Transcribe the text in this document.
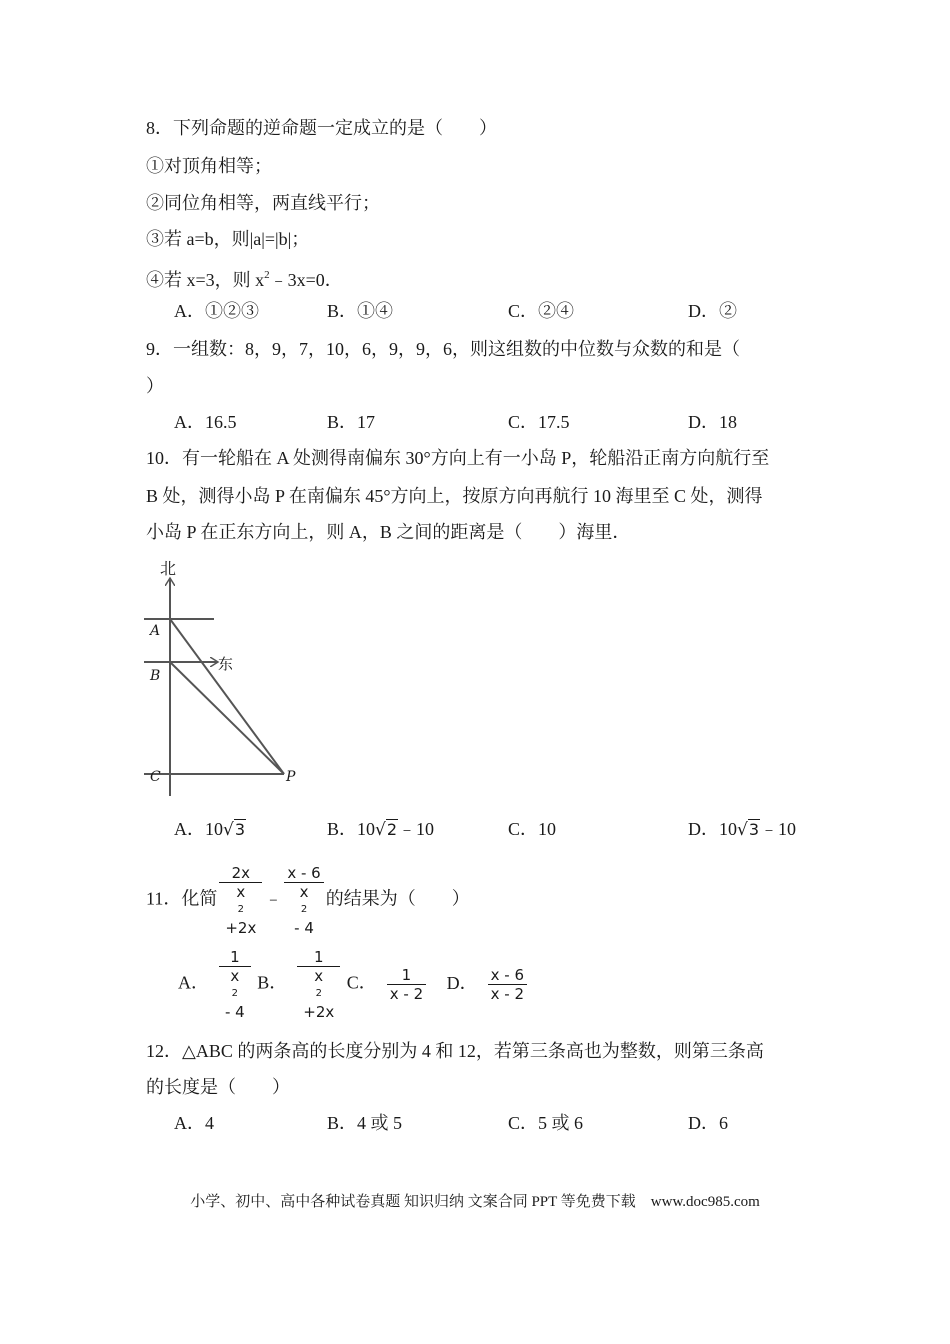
8．下列命题的逆命题一定成立的是（　　）
①对顶角相等；
②同位角相等，两直线平行；
③若 a=b，则|a|=|b|；
④若 x=3，则 $x^2﹣3x=0$．
A．①②③	B．①④	C．②④	D．②
9．一组数：8，9，7，10，6，9，9，6，则这组数的中位数与众数的和是（
）
A．16.5	B．17	C．17.5	D．18
10．有一轮船在 A 处测得南偏东 30°方向上有一小岛 P，轮船沿正南方向航行至
B 处，测得小岛 P 在南偏东 45°方向上，按原方向再航行 10 海里至 C 处，测得
小岛 P 在正东方向上，则 A，B 之间的距离是（　　）海里．
北
东
A
B
C	P
A．10√3	B．10√2﹣10	C．10	D．10√3﹣10
11．化简 2x
x
2
+2x ﹣ x - 6
x
2
- 4 的结果为（　　）
A． 1
x
2
- 4 B． 1
x
2
+2x C． $\frac{1}{x - 2}$ D． $\frac{x - 6}{x - 2}$
12．△ABC 的两条高的长度分别为 4 和 12，若第三条高也为整数，则第三条高
的长度是（　　）
A．4	B．4 或 5	C．5 或 6	D．6
小学、初中、高中各种试卷真题 知识归纳 文案合同 PPT 等免费下载　www.doc985.com
